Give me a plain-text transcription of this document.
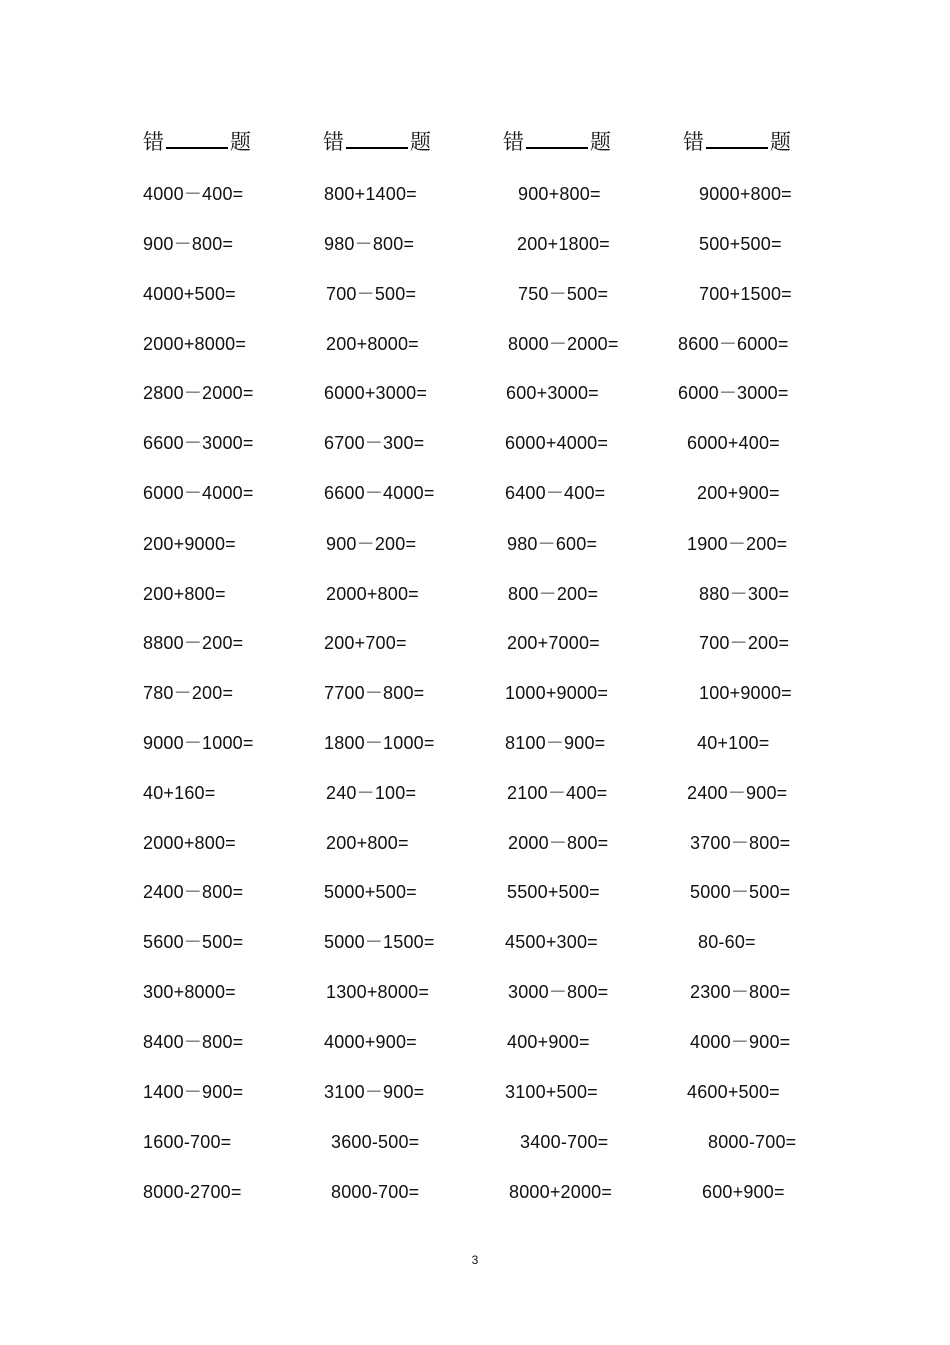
错	题	错	题	错	题	错	题
4000－400=	800+1400=	900+800=	9000+800=
900－800=	980－800=	200+1800=	500+500=
4000+500=	700－500=	750－500=	700+1500=
2000+8000=	200+8000=	8000－2000=	8600－6000=
2800－2000=	6000+3000=	600+3000=	6000－3000=
6600－3000=	6700－300=	6000+4000=	6000+400=
6000－4000=	6600－4000=	6400－400=	200+900=
200+9000=	900－200=	980－600=	1900－200=
200+800=	2000+800=	800－200=	880－300=
8800－200=	200+700=	200+7000=	700－200=
780－200=	7700－800=	1000+9000=	100+9000=
9000－1000=	1800－1000=	8100－900=	40+100=
40+160=	240－100=	2100－400=	2400－900=
2000+800=	200+800=	2000－800=	3700－800=
2400－800=	5000+500=	5500+500=	5000－500=
5600－500=	5000－1500=	4500+300=	80-60=
300+8000=	1300+8000=	3000－800=	2300－800=
8400－800=	4000+900=	400+900=	4000－900=
1400－900=	3100－900=	3100+500=	4600+500=
1600-700=	3600-500=	3400-700=	8000-700=
8000-2700=	8000-700=	8000+2000=	600+900=
3
